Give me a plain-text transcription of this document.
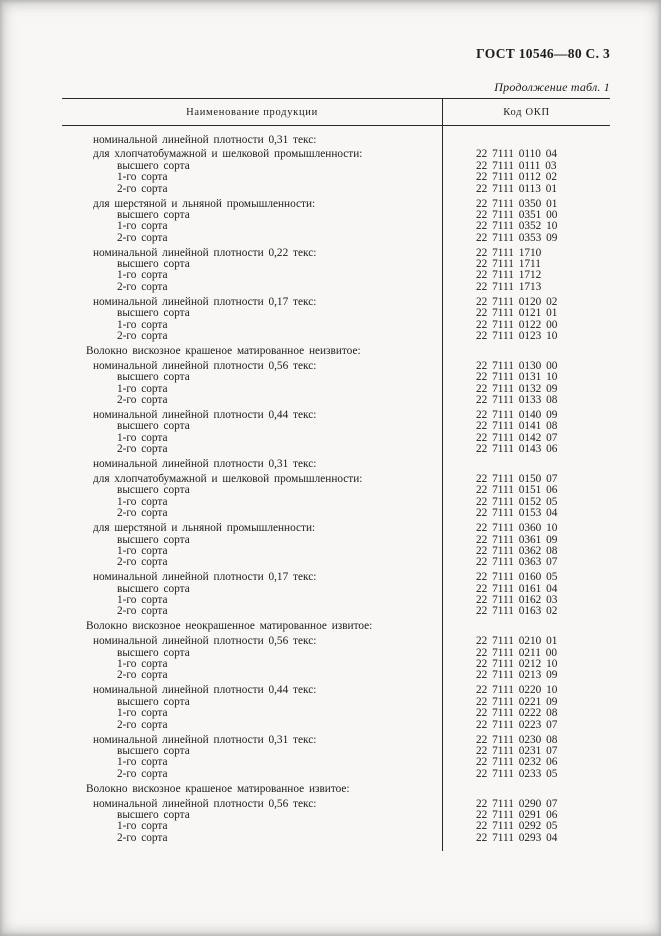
ГОСТ 10546—80 С. 3
Продолжение табл. 1
Наименование продукции	Код ОКП
номинальной линейной плотности 0,31 текс:
для хлопчатобумажной и шелковой промышленности:	22 7111 0110 04
высшего сорта	22 7111 0111 03
1-го сорта	22 7111 0112 02
2-го сорта	22 7111 0113 01
для шерстяной и льняной промышленности:	22 7111 0350 01
высшего сорта	22 7111 0351 00
1-го сорта	22 7111 0352 10
2-го сорта	22 7111 0353 09
номинальной линейной плотности 0,22 текс:	22 7111 1710
высшего сорта	22 7111 1711
1-го сорта	22 7111 1712
2-го сорта	22 7111 1713
номинальной линейной плотности 0,17 текс:	22 7111 0120 02
высшего сорта	22 7111 0121 01
1-го сорта	22 7111 0122 00
2-го сорта	22 7111 0123 10
Волокно вискозное крашеное матированное неизвитое:
номинальной линейной плотности 0,56 текс:	22 7111 0130 00
высшего сорта	22 7111 0131 10
1-го сорта	22 7111 0132 09
2-го сорта	22 7111 0133 08
номинальной линейной плотности 0,44 текс:	22 7111 0140 09
высшего сорта	22 7111 0141 08
1-го сорта	22 7111 0142 07
2-го сорта	22 7111 0143 06
номинальной линейной плотности 0,31 текс:
для хлопчатобумажной и шелковой промышленности:	22 7111 0150 07
высшего сорта	22 7111 0151 06
1-го сорта	22 7111 0152 05
2-го сорта	22 7111 0153 04
для шерстяной и льняной промышленности:	22 7111 0360 10
высшего сорта	22 7111 0361 09
1-го сорта	22 7111 0362 08
2-го сорта	22 7111 0363 07
номинальной линейной плотности 0,17 текс:	22 7111 0160 05
высшего сорта	22 7111 0161 04
1-го сорта	22 7111 0162 03
2-го сорта	22 7111 0163 02
Волокно вискозное неокрашенное матированное извитое:
номинальной линейной плотности 0,56 текс:	22 7111 0210 01
высшего сорта	22 7111 0211 00
1-го сорта	22 7111 0212 10
2-го сорта	22 7111 0213 09
номинальной линейной плотности 0,44 текс:	22 7111 0220 10
высшего сорта	22 7111 0221 09
1-го сорта	22 7111 0222 08
2-го сорта	22 7111 0223 07
номинальной линейной плотности 0,31 текс:	22 7111 0230 08
высшего сорта	22 7111 0231 07
1-го сорта	22 7111 0232 06
2-го сорта	22 7111 0233 05
Волокно вискозное крашеное матированное извитое:
номинальной линейной плотности 0,56 текс:	22 7111 0290 07
высшего сорта	22 7111 0291 06
1-го сорта	22 7111 0292 05
2-го сорта	22 7111 0293 04
